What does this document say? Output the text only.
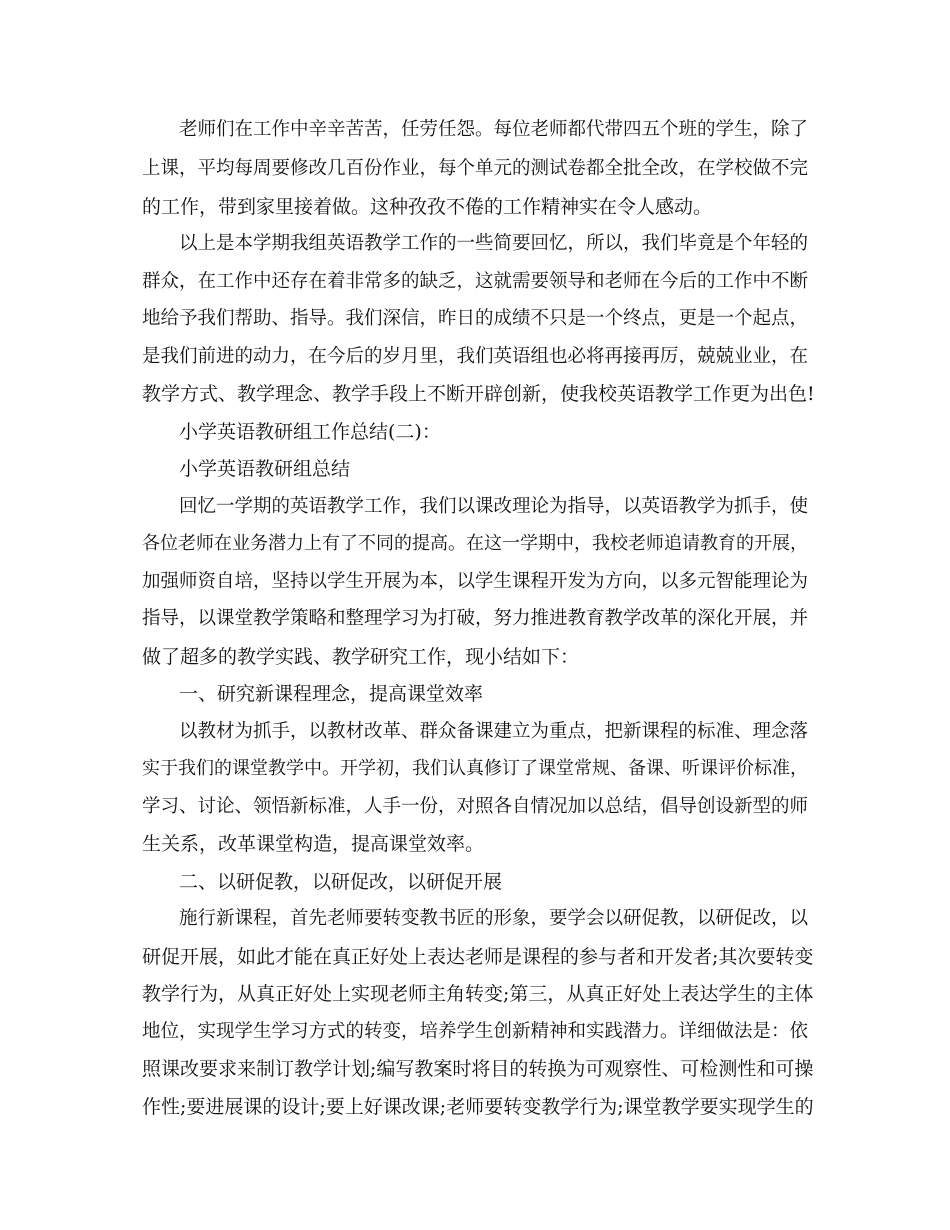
老师们在工作中辛辛苦苦，任劳任怨。每位老师都代带四五个班的学生，除了

上课，平均每周要修改几百份作业，每个单元的测试卷都全批全改，在学校做不完

的工作，带到家里接着做。这种孜孜不倦的工作精神实在令人感动。

以上是本学期我组英语教学工作的一些简要回忆，所以，我们毕竟是个年轻的

群众，在工作中还存在着非常多的缺乏，这就需要领导和老师在今后的工作中不断

地给予我们帮助、指导。我们深信，昨日的成绩不只是一个终点，更是一个起点，

是我们前进的动力，在今后的岁月里，我们英语组也必将再接再厉，兢兢业业，在

教学方式、教学理念、教学手段上不断开辟创新，使我校英语教学工作更为出色!

小学英语教研组工作总结(二)：

小学英语教研组总结

回忆一学期的英语教学工作，我们以课改理论为指导，以英语教学为抓手，使

各位老师在业务潜力上有了不同的提高。在这一学期中，我校老师追请教育的开展，

加强师资自培，坚持以学生开展为本，以学生课程开发为方向，以多元智能理论为

指导，以课堂教学策略和整理学习为打破，努力推进教育教学改革的深化开展，并

做了超多的教学实践、教学研究工作，现小结如下：

一、研究新课程理念，提高课堂效率

以教材为抓手，以教材改革、群众备课建立为重点，把新课程的标准、理念落

实于我们的课堂教学中。开学初，我们认真修订了课堂常规、备课、听课评价标准，

学习、讨论、领悟新标准，人手一份，对照各自情况加以总结，倡导创设新型的师

生关系，改革课堂构造，提高课堂效率。

二、以研促教，以研促改，以研促开展

施行新课程，首先老师要转变教书匠的形象，要学会以研促教，以研促改，以

研促开展，如此才能在真正好处上表达老师是课程的参与者和开发者;其次要转变

教学行为，从真正好处上实现老师主角转变;第三，从真正好处上表达学生的主体

地位，实现学生学习方式的转变，培养学生创新精神和实践潜力。详细做法是：依

照课改要求来制订教学计划;编写教案时将目的转换为可观察性、可检测性和可操

作性;要进展课的设计;要上好课改课;老师要转变教学行为;课堂教学要实现学生的
